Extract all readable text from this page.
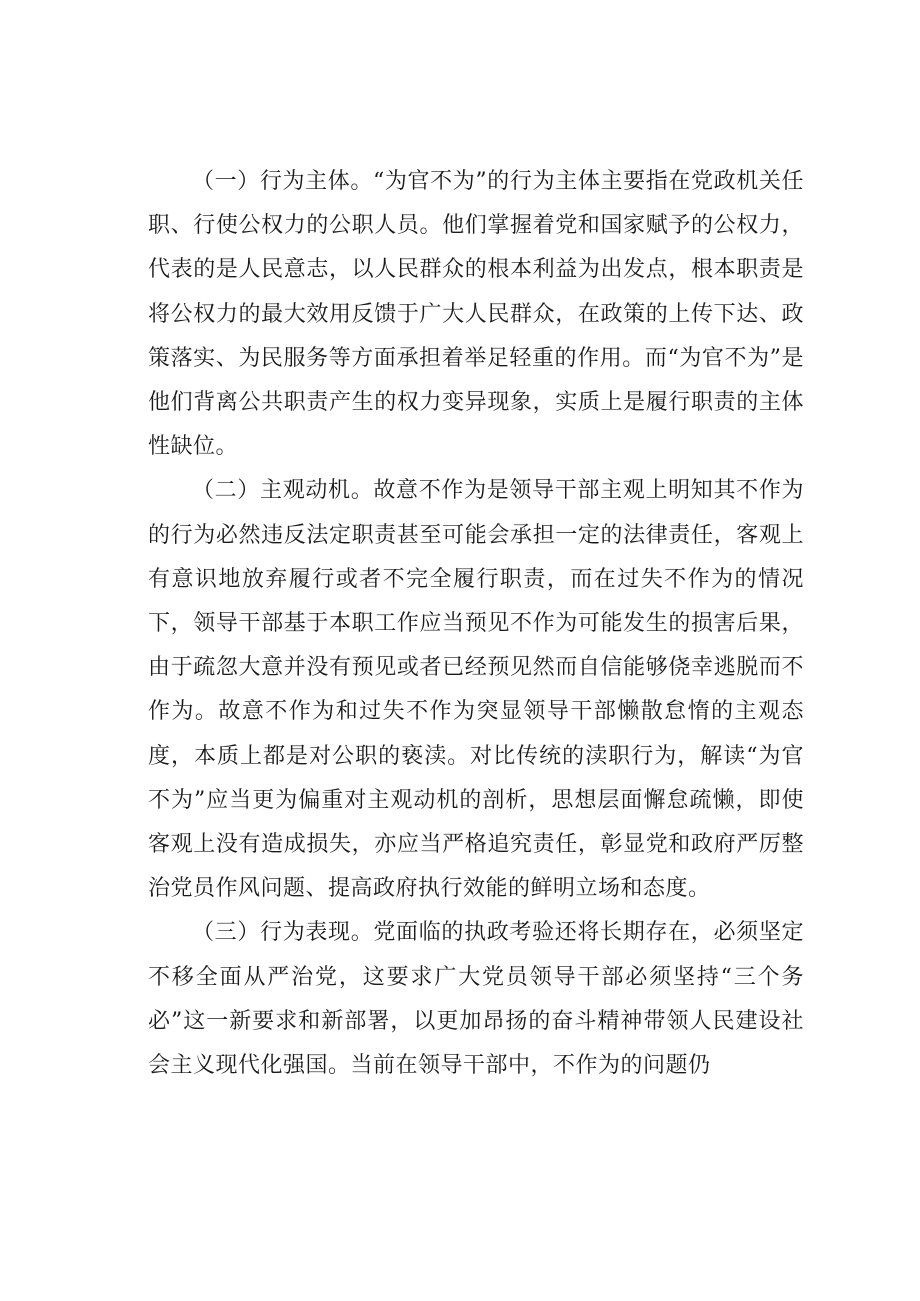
（一）行为主体。“为官不为”的行为主体主要指在党政机关任职、行使公权力的公职人员。他们掌握着党和国家赋予的公权力，代表的是人民意志，以人民群众的根本利益为出发点，根本职责是将公权力的最大效用反馈于广大人民群众，在政策的上传下达、政策落实、为民服务等方面承担着举足轻重的作用。而“为官不为”是他们背离公共职责产生的权力变异现象，实质上是履行职责的主体性缺位。

（二）主观动机。故意不作为是领导干部主观上明知其不作为的行为必然违反法定职责甚至可能会承担一定的法律责任，客观上有意识地放弃履行或者不完全履行职责，而在过失不作为的情况下，领导干部基于本职工作应当预见不作为可能发生的损害后果，由于疏忽大意并没有预见或者已经预见然而自信能够侥幸逃脱而不作为。故意不作为和过失不作为突显领导干部懒散怠惰的主观态度，本质上都是对公职的亵渎。对比传统的渎职行为，解读“为官不为”应当更为偏重对主观动机的剖析，思想层面懈怠疏懒，即使客观上没有造成损失，亦应当严格追究责任，彰显党和政府严厉整治党员作风问题、提高政府执行效能的鲜明立场和态度。

（三）行为表现。党面临的执政考验还将长期存在，必须坚定不移全面从严治党，这要求广大党员领导干部必须坚持“三个务必”这一新要求和新部署，以更加昂扬的奋斗精神带领人民建设社会主义现代化强国。当前在领导干部中，不作为的问题仍
